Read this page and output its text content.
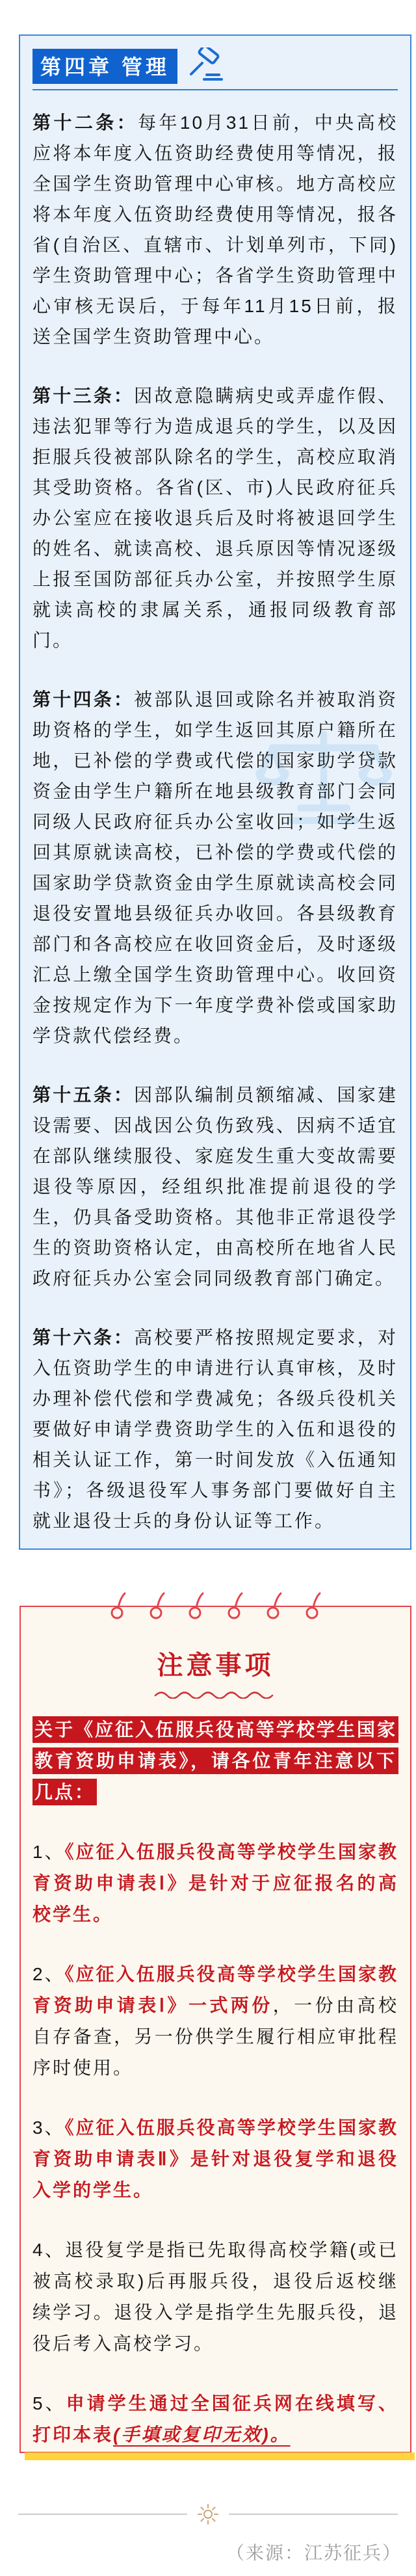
第四章 管理

第十二条：每年10月31日前，中央高校应将本年度入伍资助经费使用等情况，报全国学生资助管理中心审核。地方高校应将本年度入伍资助经费使用等情况，报各省(自治区、直辖市、计划单列市，下同)学生资助管理中心；各省学生资助管理中心审核无误后，于每年11月15日前，报送全国学生资助管理中心。

第十三条：因故意隐瞒病史或弄虚作假、违法犯罪等行为造成退兵的学生，以及因拒服兵役被部队除名的学生，高校应取消其受助资格。各省(区、市)人民政府征兵办公室应在接收退兵后及时将被退回学生的姓名、就读高校、退兵原因等情况逐级上报至国防部征兵办公室，并按照学生原就读高校的隶属关系，通报同级教育部门。

第十四条：被部队退回或除名并被取消资助资格的学生，如学生返回其原户籍所在地，已补偿的学费或代偿的国家助学贷款资金由学生户籍所在地县级教育部门会同同级人民政府征兵办公室收回；如学生返回其原就读高校，已补偿的学费或代偿的国家助学贷款资金由学生原就读高校会同退役安置地县级征兵办收回。各县级教育部门和各高校应在收回资金后，及时逐级汇总上缴全国学生资助管理中心。收回资金按规定作为下一年度学费补偿或国家助学贷款代偿经费。

第十五条：因部队编制员额缩减、国家建设需要、因战因公负伤致残、因病不适宜在部队继续服役、家庭发生重大变故需要退役等原因，经组织批准提前退役的学生，仍具备受助资格。其他非正常退役学生的资助资格认定，由高校所在地省人民政府征兵办公室会同同级教育部门确定。

第十六条：高校要严格按照规定要求，对入伍资助学生的申请进行认真审核，及时办理补偿代偿和学费减免；各级兵役机关要做好申请学费资助学生的入伍和退役的相关认证工作，第一时间发放《入伍通知书》；各级退役军人事务部门要做好自主就业退役士兵的身份认证等工作。

注意事项

关于《应征入伍服兵役高等学校学生国家教育资助申请表》，请各位青年注意以下几点：

1、《应征入伍服兵役高等学校学生国家教育资助申请表Ⅰ》是针对于应征报名的高校学生。

2、《应征入伍服兵役高等学校学生国家教育资助申请表Ⅰ》一式两份，一份由高校自存备查，另一份供学生履行相应审批程序时使用。

3、《应征入伍服兵役高等学校学生国家教育资助申请表Ⅱ》是针对退役复学和退役入学的学生。

4、退役复学是指已先取得高校学籍(或已被高校录取)后再服兵役，退役后返校继续学习。退役入学是指学生先服兵役，退役后考入高校学习。

5、申请学生通过全国征兵网在线填写、打印本表(手填或复印无效)。

（来源：江苏征兵）
